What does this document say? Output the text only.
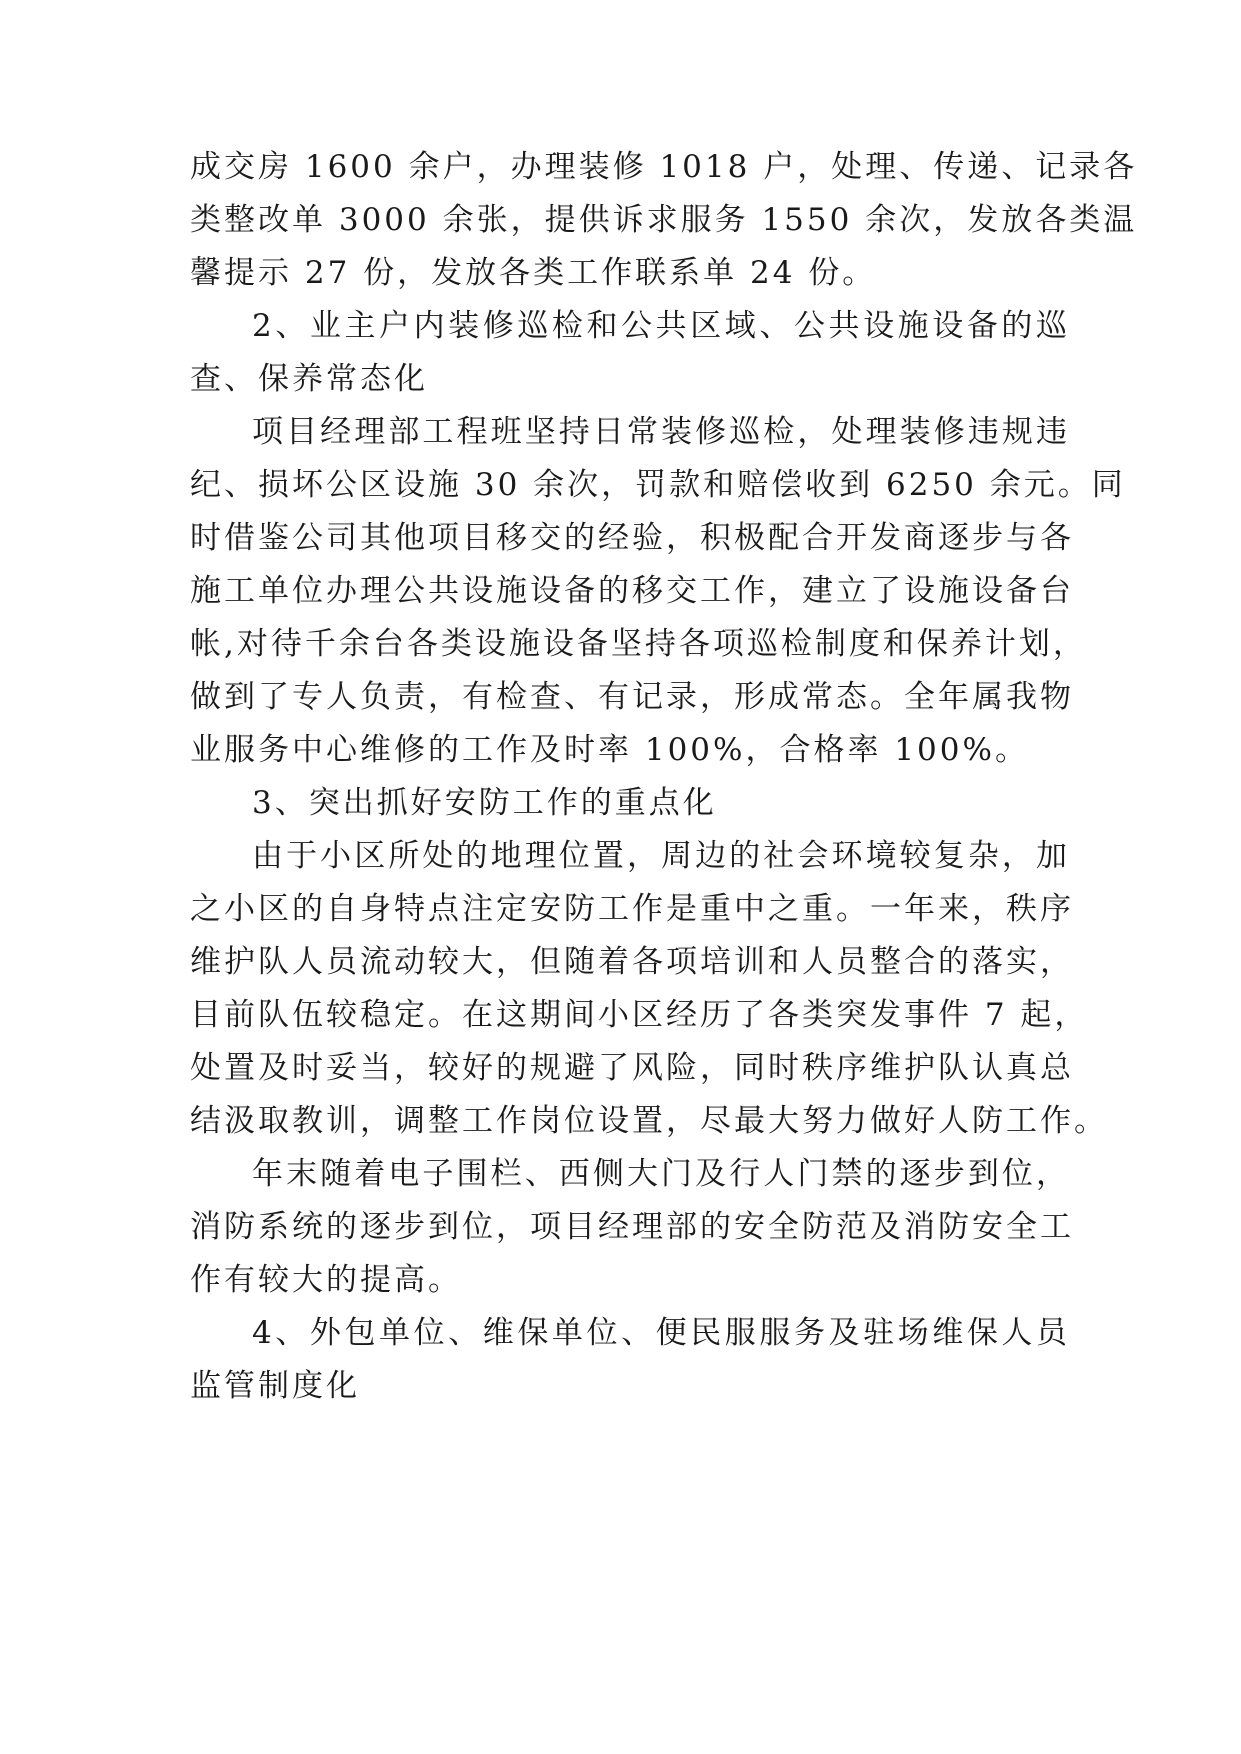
成交房 1600 余户，办理装修 1018 户，处理、传递、记录各
类整改单 3000 余张，提供诉求服务 1550 余次，发放各类温
馨提示 27 份，发放各类工作联系单 24 份。
2、业主户内装修巡检和公共区域、公共设施设备的巡
查、保养常态化
项目经理部工程班坚持日常装修巡检，处理装修违规违
纪、损坏公区设施 30 余次，罚款和赔偿收到 6250 余元。同
时借鉴公司其他项目移交的经验，积极配合开发商逐步与各
施工单位办理公共设施设备的移交工作，建立了设施设备台
帐,对待千余台各类设施设备坚持各项巡检制度和保养计划，
做到了专人负责，有检查、有记录，形成常态。全年属我物
业服务中心维修的工作及时率 100%，合格率 100%。
3、突出抓好安防工作的重点化
由于小区所处的地理位置，周边的社会环境较复杂，加
之小区的自身特点注定安防工作是重中之重。一年来，秩序
维护队人员流动较大，但随着各项培训和人员整合的落实，
目前队伍较稳定。在这期间小区经历了各类突发事件 7 起，
处置及时妥当，较好的规避了风险，同时秩序维护队认真总
结汲取教训，调整工作岗位设置，尽最大努力做好人防工作。
年末随着电子围栏、西侧大门及行人门禁的逐步到位，
消防系统的逐步到位，项目经理部的安全防范及消防安全工
作有较大的提高。
4、外包单位、维保单位、便民服服务及驻场维保人员
监管制度化
